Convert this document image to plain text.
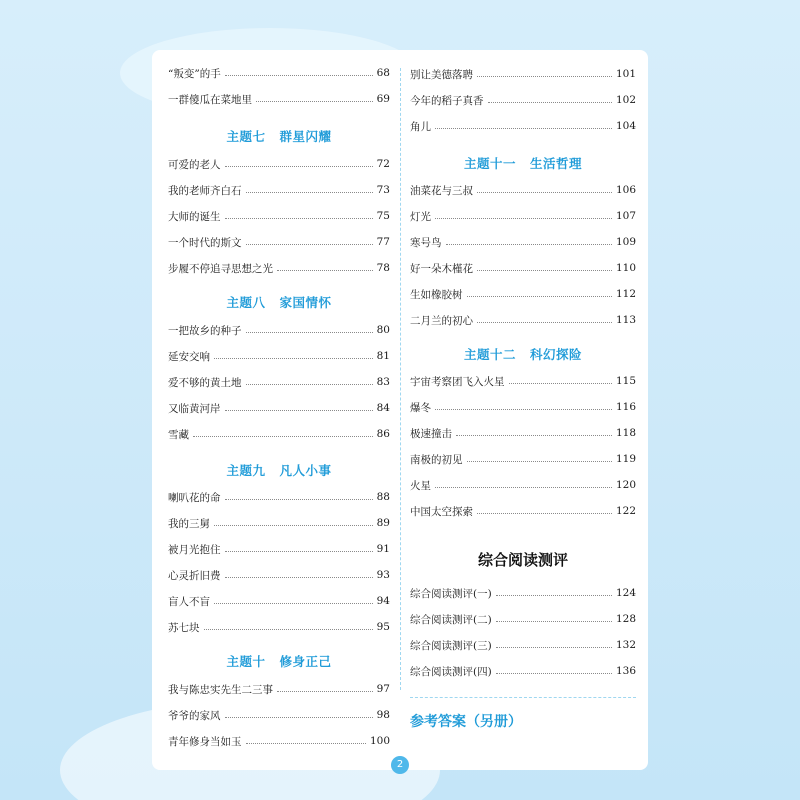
“叛变”的手	68
一群傻瓜在菜地里	69
主题七 群星闪耀
可爱的老人	72
我的老师齐白石	73
大师的诞生	75
一个时代的斯文	77
步履不停追寻思想之光	78
主题八 家国情怀
一把故乡的种子	80
延安交响	81
爱不够的黄土地	83
又临黄河岸	84
雪藏	86
主题九 凡人小事
喇叭花的命	88
我的三舅	89
被月光抱住	91
心灵折旧费	93
盲人不盲	94
苏七块	95
主题十 修身正己
我与陈忠实先生二三事	97
爷爷的家风	98
青年修身当如玉	100
别让美德落聘	101
今年的稻子真香	102
角儿	104
主题十一 生活哲理
油菜花与三叔	106
灯光	107
寒号鸟	109
好一朵木槿花	110
生如橡胶树	112
二月兰的初心	113
主题十二 科幻探险
宇宙考察团飞入火星	115
爆冬	116
极速撞击	118
南极的初见	119
火星	120
中国太空探索	122
综合阅读测评
综合阅读测评(一)	124
综合阅读测评(二)	128
综合阅读测评(三)	132
综合阅读测评(四)	136
参考答案（另册）
2
